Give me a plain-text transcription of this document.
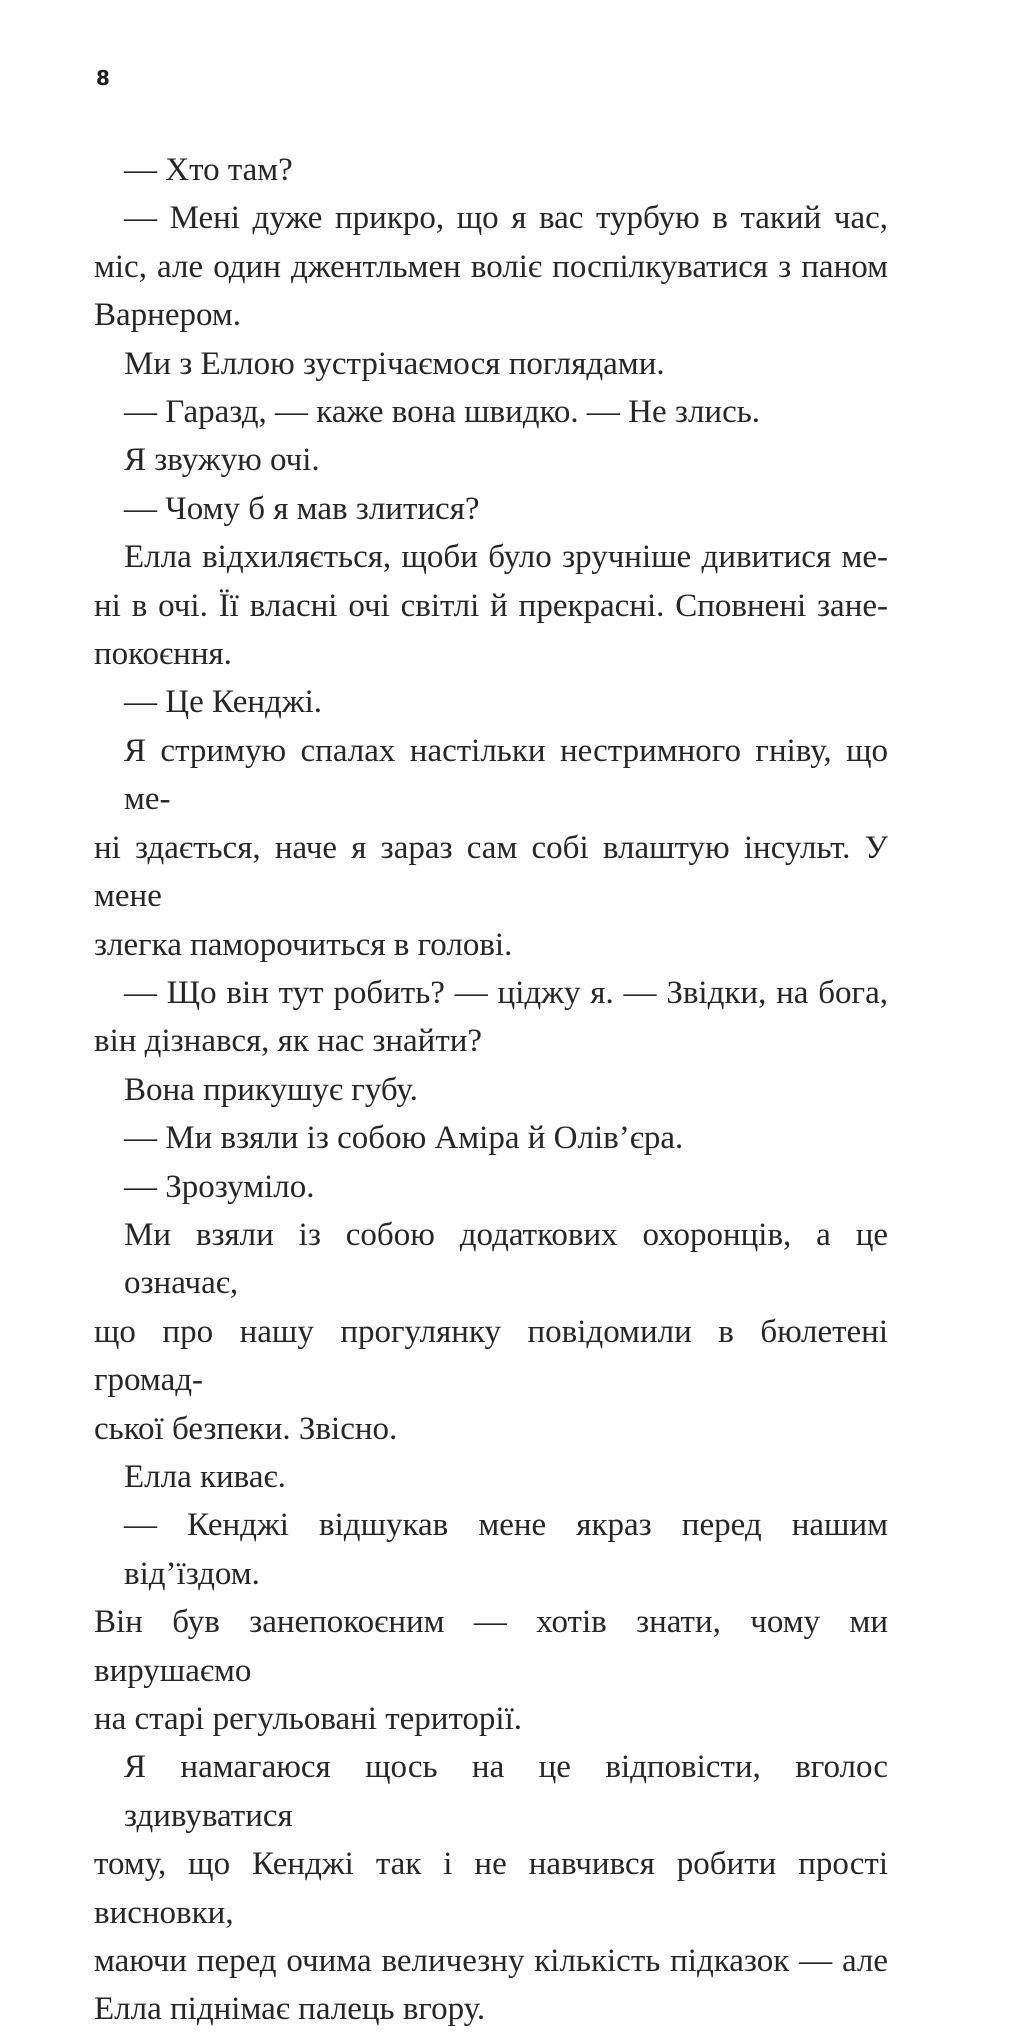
8
— Хто там?
— Мені дуже прикро, що я вас турбую в такий час,
міс, але один джентльмен воліє поспілкуватися з паном
Варнером.
Ми з Еллою зустрічаємося поглядами.
— Гаразд, — каже вона швидко. — Не злись.
Я звужую очі.
— Чому б я мав злитися?
Елла відхиляється, щоби було зручніше дивитися ме-
ні в очі. Її власні очі світлі й прекрасні. Сповнені зане-
покоєння.
— Це Кенджі.
Я стримую спалах настільки нестримного гніву, що ме-
ні здається, наче я зараз сам собі влаштую інсульт. У мене
злегка паморочиться в голові.
— Що він тут робить? — ціджу я. — Звідки, на бога,
він дізнався, як нас знайти?
Вона прикушує губу.
— Ми взяли із собою Аміра й Олів’єра.
— Зрозуміло.
Ми взяли із собою додаткових охоронців, а це означає,
що про нашу прогулянку повідомили в бюлетені громад-
ської безпеки. Звісно.
Елла киває.
— Кенджі відшукав мене якраз перед нашим від’їздом.
Він був занепокоєним — хотів знати, чому ми вирушаємо
на старі регульовані території.
Я намагаюся щось на це відповісти, вголос здивуватися
тому, що Кенджі так і не навчився робити прості висновки,
маючи перед очима величезну кількість підказок — але
Елла піднімає палець вгору.
